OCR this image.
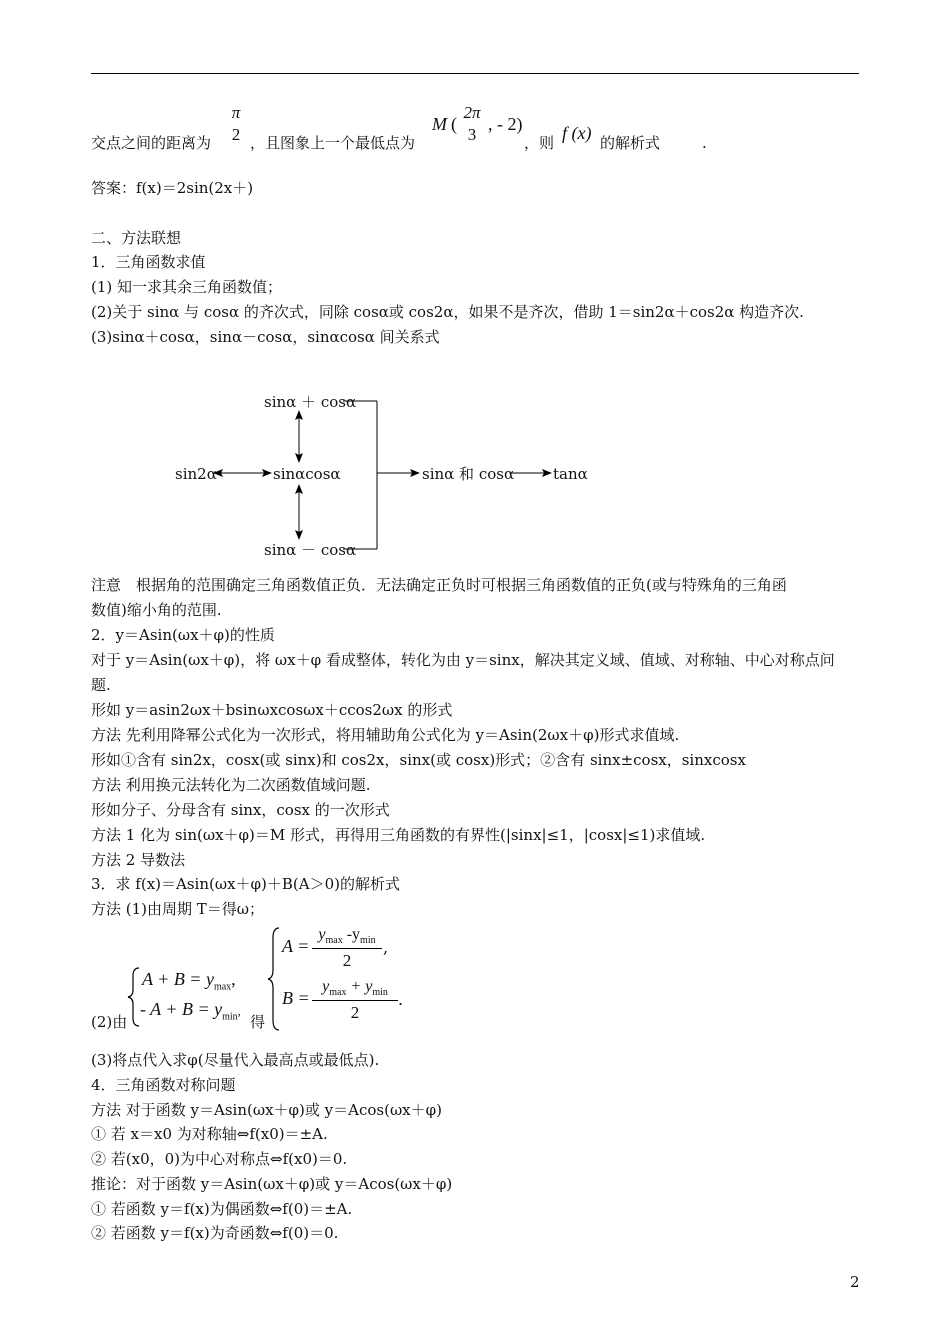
交点之间的距离为
π
2 ，且图象上一个最低点为
M (
2π
3
, - 2)
，则 f (x) 的解析式	.
答案：f(x)＝2sin(2x＋)
二、方法联想
1．三角函数求值
(1) 知一求其余三角函数值；
(2)关于 sinα 与 cosα 的齐次式，同除 cosα或 cos2α，如果不是齐次，借助 1＝sin2α＋cos2α 构造齐次.
(3)sinα＋cosα，sinα－cosα，sinαcosα 间关系式
sinα ＋ cosα
sin2α	sinαcosα
sinα － cosα
sinα 和 cosα	tanα
注意　根据角的范围确定三角函数值正负．无法确定正负时可根据三角函数值的正负(或与特殊角的三角函
数值)缩小角的范围.
2．y＝Asin(ωx＋φ)的性质
对于 y＝Asin(ωx＋φ)，将 ωx＋φ 看成整体，转化为由 y＝sinx，解决其定义域、值域、对称轴、中心对称点问
题.
形如 y＝asin2ωx＋bsinωxcosωx＋ccos2ωx 的形式
方法 先利用降幂公式化为一次形式，将用辅助角公式化为 y＝Asin(2ωx＋φ)形式求值域.
形如①含有 sin2x，cosx(或 sinx)和 cos2x，sinx(或 cosx)形式；②含有 sinx±cosx，sinxcosx
方法 利用换元法转化为二次函数值域问题.
形如分子、分母含有 sinx，cosx 的一次形式
方法 1 化为 sin(ωx＋φ)＝M 形式，再得用三角函数的有界性(|sinx|≤1，|cosx|≤1)求值域.
方法 2 导数法
3．求 f(x)＝Asin(ωx＋φ)＋B(A＞0)的解析式
方法 (1)由周期 T＝得ω；
(2)由
$A + B = y_{max}$,
- $A + B = y_{min}$,
得
A =
$y_{max}$ $-y_{min}$
2
,
B =
$y_{max} + y_{min}$
2
.
(3)将点代入求φ(尽量代入最高点或最低点).
4．三角函数对称问题
方法 对于函数 y＝Asin(ωx＋φ)或 y＝Acos(ωx＋φ)
① 若 x＝x0 为对称轴⇔f(x0)＝±A.
② 若(x0，0)为中心对称点⇔f(x0)＝0.
推论：对于函数 y＝Asin(ωx＋φ)或 y＝Acos(ωx＋φ)
① 若函数 y＝f(x)为偶函数⇔f(0)＝±A.
② 若函数 y＝f(x)为奇函数⇔f(0)＝0.
2
